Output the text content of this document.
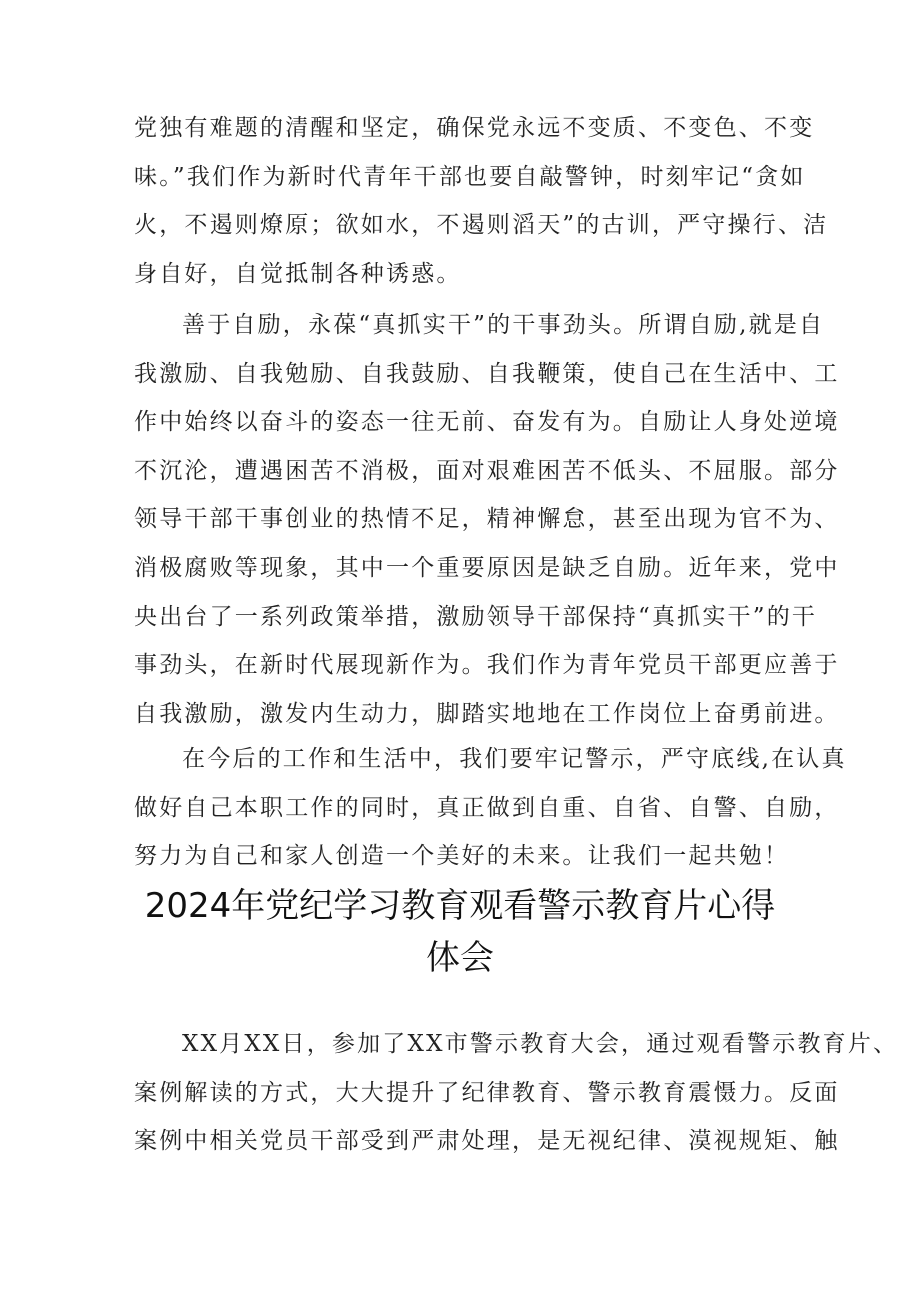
党独有难题的清醒和坚定，确保党永远不变质、不变色、不变
味。”我们作为新时代青年干部也要自敲警钟，时刻牢记“贪如
火，不遏则燎原；欲如水，不遏则滔天”的古训，严守操行、洁
身自好，自觉抵制各种诱惑。
善于自励，永葆“真抓实干”的干事劲头。所谓自励,就是自
我激励、自我勉励、自我鼓励、自我鞭策，使自己在生活中、工
作中始终以奋斗的姿态一往无前、奋发有为。自励让人身处逆境
不沉沦，遭遇困苦不消极，面对艰难困苦不低头、不屈服。部分
领导干部干事创业的热情不足，精神懈怠，甚至出现为官不为、
消极腐败等现象，其中一个重要原因是缺乏自励。近年来，党中
央出台了一系列政策举措，激励领导干部保持“真抓实干”的干
事劲头，在新时代展现新作为。我们作为青年党员干部更应善于
自我激励，激发内生动力，脚踏实地地在工作岗位上奋勇前进。
在今后的工作和生活中，我们要牢记警示，严守底线,在认真
做好自己本职工作的同时，真正做到自重、自省、自警、自励，
努力为自己和家人创造一个美好的未来。让我们一起共勉！
2024年党纪学习教育观看警示教育片心得
体会
XX月XX日，参加了XX市警示教育大会，通过观看警示教育片、
案例解读的方式，大大提升了纪律教育、警示教育震慑力。反面
案例中相关党员干部受到严肃处理，是无视纪律、漠视规矩、触
